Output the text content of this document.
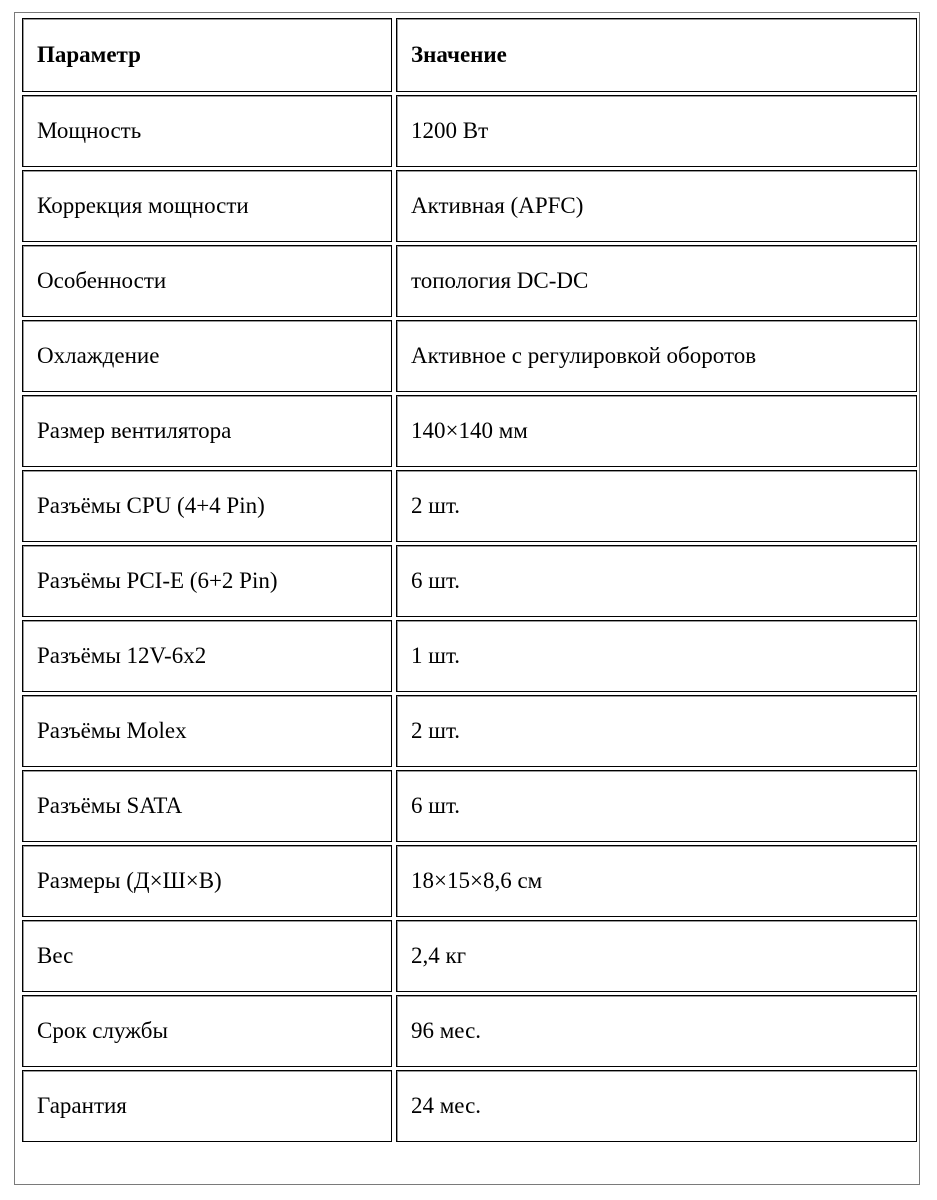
Параметр	Значение
Мощность	1200 Вт
Коррекция мощности	Активная (APFC)
Особенности	топология DC-DC
Охлаждение	Активное с регулировкой оборотов
Размер вентилятора	140×140 мм
Разъёмы CPU (4+4 Pin)	2 шт.
Разъёмы PCI-E (6+2 Pin)	6 шт.
Разъёмы 12V-6x2	1 шт.
Разъёмы Molex	2 шт.
Разъёмы SATA	6 шт.
Размеры (Д×Ш×В)	18×15×8,6 см
Вес	2,4 кг
Срок службы	96 мес.
Гарантия	24 мес.
